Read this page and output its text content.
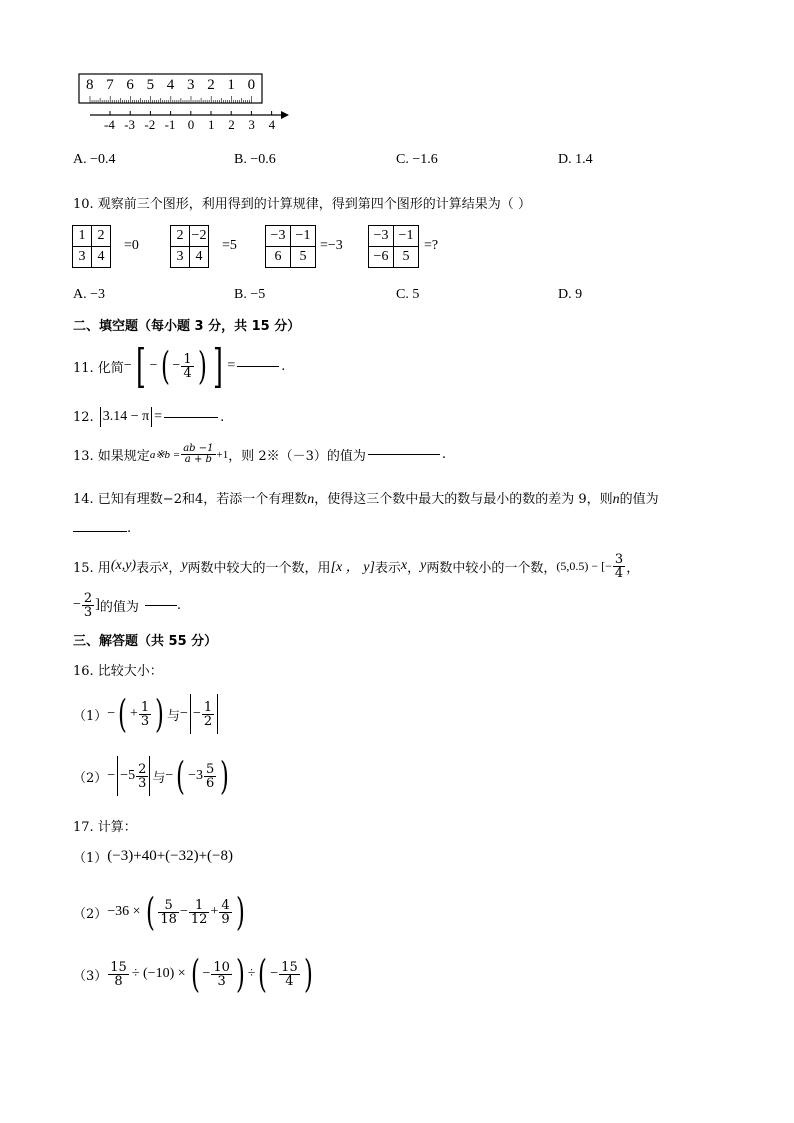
8 7 6 5 4 3 2 1 0
-4 -3 -2 -1 0 1 2 3 4
A. −0.4	B. −0.6	C. −1.6	D. 1.4
10. 观察前三个图形，利用得到的计算规律，得到第四个图形的计算结果为（ ）
1	2
3	4
=0
2	−2
3	4
=5
−3	−1
6	5
=−3
−3	−1
−6	5
=?
A. −3	B. −5	C. 5	D. 9
二、填空题（每小题 3 分，共 15 分）
11. 化简 − [ − ( − $\frac{1}{4}$ ) ] =	.
12. 3.14 − π =	.
13. 如果规定 a※b = $\frac{ab -1}{a + b} +1$ ，则 2※（－3）的值为	.
14. 已知有理数−2和4，若添一个有理数n，使得这三个数中最大的数与最小的数的差为 9，则n的值为
.
15. 用 (x,y) 表示 x ， y 两数中较大的一个数，用 [x ， y] 表示 x ， y 两数中较小的一个数， (5,0.5) − [− $\frac{3}{4}$ ，
− $\frac{2}{3}$ ] 的值为	.
三、解答题（共 55 分）
16. 比较大小：
（1） − ( + $\frac{1}{3}$ ) 与 − − $\frac{1}{2}$
（2） − − $5 \frac{2}{3}$ 与 − ( − $3 \frac{5}{6}$ )
17. 计算：
（1） (−3)+40+(−32)+(−8)
（2） −36 × ( $\frac{5}{18} - \frac{1}{12} + \frac{4}{9}$ )
$(3) \frac{15}{8} \div (-10)$ × ( − $\frac{10}{3}$ ) ÷ ( − $\frac{15}{4}$ )
